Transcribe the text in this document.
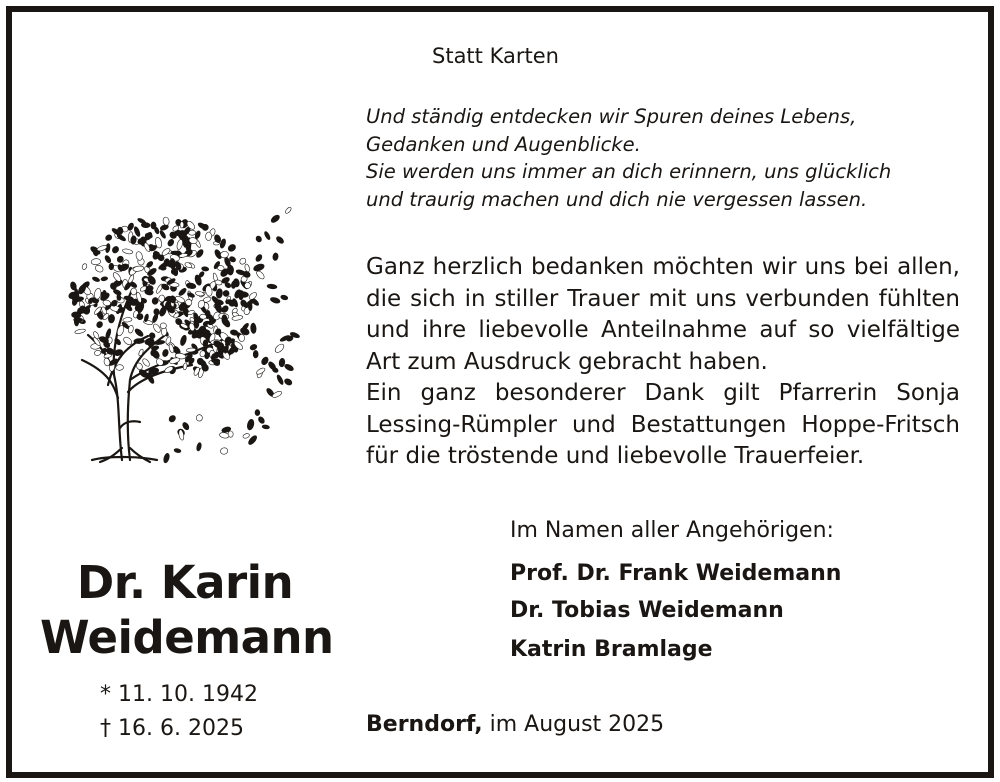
Statt Karten
Und ständig entdecken wir Spuren deines Lebens,
Gedanken und Augenblicke.
Sie werden uns immer an dich erinnern, uns glücklich
und traurig machen und dich nie vergessen lassen.
Ganz herzlich bedanken möchten wir uns bei allen,
die sich in stiller Trauer mit uns verbunden fühlten
und ihre liebevolle Anteilnahme auf so vielfältige
Art zum Ausdruck gebracht haben.
Ein ganz besonderer Dank gilt Pfarrerin Sonja
Lessing-Rümpler und Bestattungen Hoppe-Fritsch
für die tröstende und liebevolle Trauerfeier.
Im Namen aller Angehörigen:
Prof. Dr. Frank Weidemann
Dr. Tobias Weidemann
Katrin Bramlage
Dr. Karin
Weidemann
* 11. 10. 1942
† 16. 6. 2025	Berndorf, im August 2025
